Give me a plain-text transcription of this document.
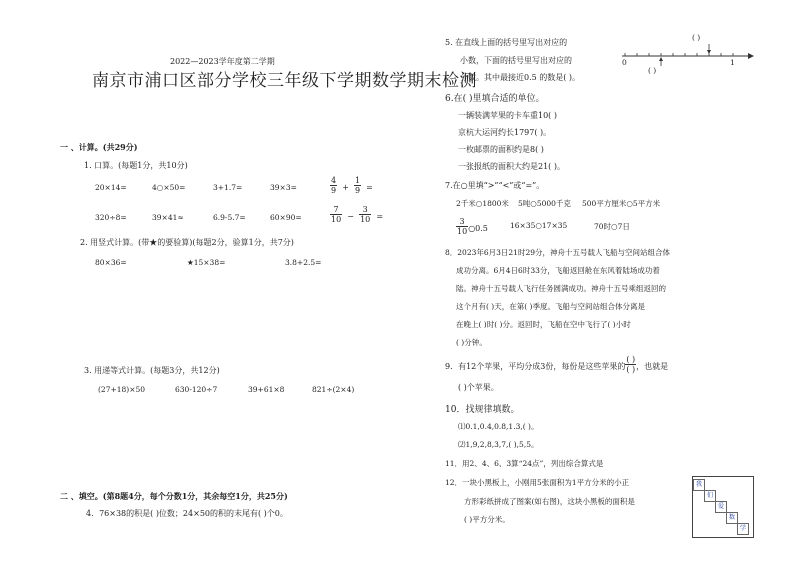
2022—2023学年度第二学期
南京市浦口区部分学校三年级下学期数学期末检测
一 、计算。(共29分)
1. 口算。(每题1分，共10分)
20×14=	4○×50=	3+1.7=	39×3=	$\frac{4}{9} + \frac{1}{9}$ =
320÷8=	39×41≈	6.9-5.7=	60×90=	$\frac{7}{10} - \frac{3}{10}$ =
2. 用竖式计算。(带★的要验算)(每题2分，验算1分，共7分)
80×36=	★15×38=	3.8+2.5=
3. 用递等式计算。(每题3分，共12分)
(27+18)×50	630-120÷7	39+61×8	821÷(2×4)
二 、填空。(第8题4分，每个分数1分，其余每空1分，共25分)
4．76×38的积是( )位数；24×50的积的末尾有( )个0。
5. 在直线上面的括号里写出对应的
小数，下面的括号里写出对应的
分数。其中最接近0.5 的数是( )。
( )
( )
0	1
6.在( )里填合适的单位。
一辆装满苹果的卡车重10( )
京杭大运河约长1797( )。
一枚邮票的面积约是8( )
一张报纸的面积大约是21( )。
7.在○里填“>”“<”或“=”。
2千米○1800米 5吨○5000千克 500平方厘米○5平方米
$\frac{3}{10}$ ○0.5	16×35○17×35	70时○7日
8．2023年6月3日21时29分，神舟十五号载人飞船与空间站组合体
成功分离。6月4日6时33分，飞船返回舱在东风着陆场成功着
陆。神舟十五号载人飞行任务圆满成功。神舟十五号乘组返回的
这个月有( )天，在第( )季度。飞船与空间站组合体分离是
在晚上( )时( )分。返回时，飞船在空中飞行了( )小时
( )分钟。
9．有12个苹果，平均分成3份，每份是这些苹果的 $\frac{( )}{( )}$ ，也就是
( )个苹果。
10．找规律填数。
⑴0.1,0.4,0.8,1.3,( )。
⑵1,9,2,8,3,7,( ),5,5。
11．用2、4、6、3算“24点”，列出综合算式是
12．一块小黑板上，小刚用5张面积为1平方分米的小正
方形彩纸拼成了图案(如右图)，这块小黑板的面积是
( )平方分米。
我
们
爱
数
学
